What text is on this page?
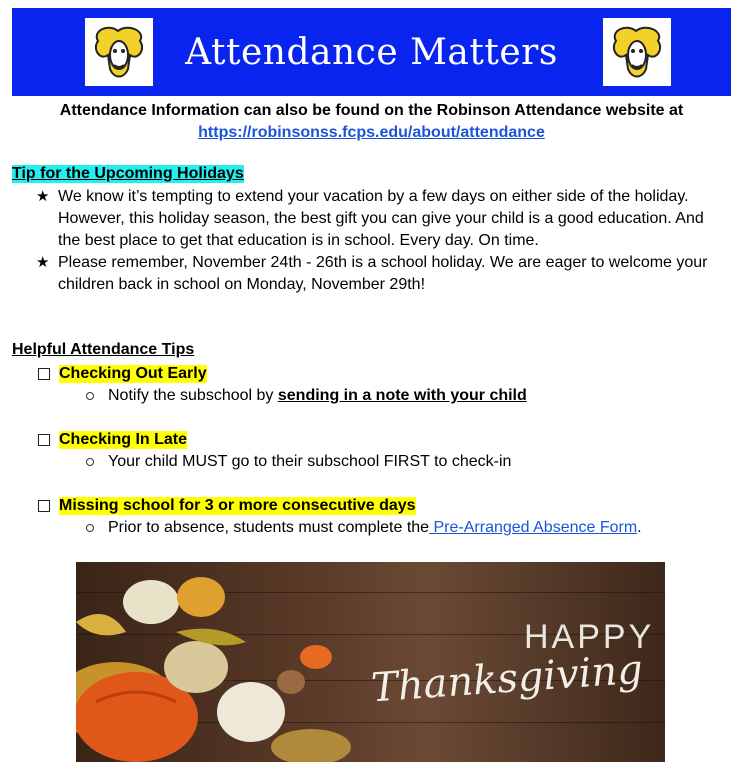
Attendance Matters
Attendance Information can also be found on the Robinson Attendance website at
https://robinsonss.fcps.edu/about/attendance
Tip for the Upcoming Holidays
★ We know it’s tempting to extend your vacation by a few days on either side of the holiday. However, this holiday season, the best gift you can give your child is a good education. And the best place to get that education is in school. Every day. On time.
★ Please remember, November 24th - 26th is a school holiday. We are eager to welcome your children back in school on Monday, November 29th!
Helpful Attendance Tips
Checking Out Early
Notify the subschool by sending in a note with your child
Checking In Late
Your child MUST go to their subschool FIRST to check-in
Missing school for 3 or more consecutive days
Prior to absence, students must complete the Pre-Arranged Absence Form .
HAPPY
Thanksgiving
